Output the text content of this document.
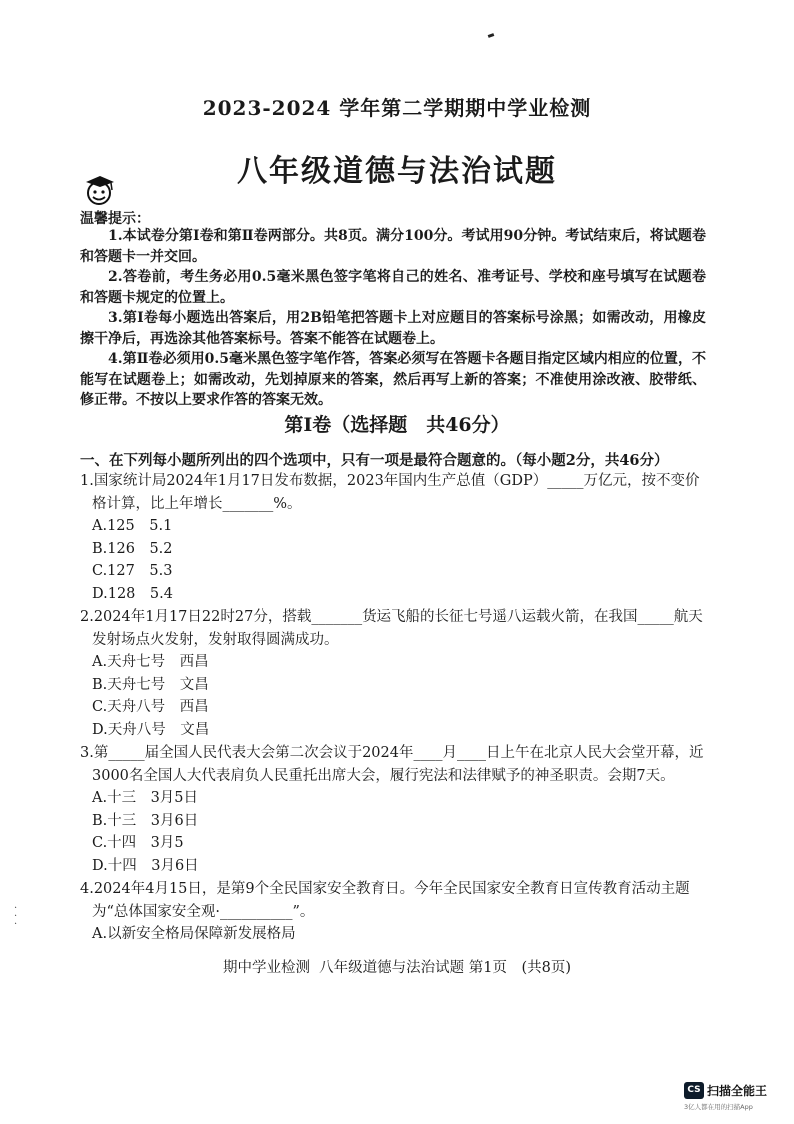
·
·
·
2023-2024 学年第二学期期中学业检测
八年级道德与法治试题
温馨提示：

1.本试卷分第Ⅰ卷和第Ⅱ卷两部分。共8页。满分100分。考试用90分钟。考试结束后，将试题卷和答题卡一并交回。

2.答卷前，考生务必用0.5毫米黑色签字笔将自己的姓名、准考证号、学校和座号填写在试题卷和答题卡规定的位置上。

3.第Ⅰ卷每小题选出答案后，用2B铅笔把答题卡上对应题目的答案标号涂黑；如需改动，用橡皮擦干净后，再选涂其他答案标号。答案不能答在试题卷上。

4.第Ⅱ卷必须用0.5毫米黑色签字笔作答，答案必须写在答题卡各题目指定区域内相应的位置，不能写在试题卷上；如需改动，先划掉原来的答案，然后再写上新的答案；不准使用涂改液、胶带纸、修正带。不按以上要求作答的答案无效。

第Ⅰ卷（选择题　共46分）
一、在下列每小题所列出的四个选项中，只有一项是最符合题意的。（每小题2分，共46分）

1.国家统计局2024年1月17日发布数据，2023年国内生产总值（GDP）_____万亿元，按不变价格计算，比上年增长_______%。

A.125　5.1

B.126　5.2

C.127　5.3

D.128　5.4

2.2024年1月17日22时27分，搭载_______货运飞船的长征七号遥八运载火箭，在我国_____航天发射场点火发射，发射取得圆满成功。

A.天舟七号　西昌

B.天舟七号　文昌

C.天舟八号　西昌

D.天舟八号　文昌

3.第_____届全国人民代表大会第二次会议于2024年____月____日上午在北京人民大会堂开幕，近3000名全国人大代表肩负人民重托出席大会，履行宪法和法律赋予的神圣职责。会期7天。

A.十三　3月5日

B.十三　3月6日

C.十四　3月5

D.十四　3月6日

4.2024年4月15日，是第9个全民国家安全教育日。今年全民国家安全教育日宣传教育活动主题为“总体国家安全观·__________”。

A.以新安全格局保障新发展格局

期中学业检测  八年级道德与法治试题 第1页　(共8页)
CS 扫描全能王
3亿人都在用的扫描App
